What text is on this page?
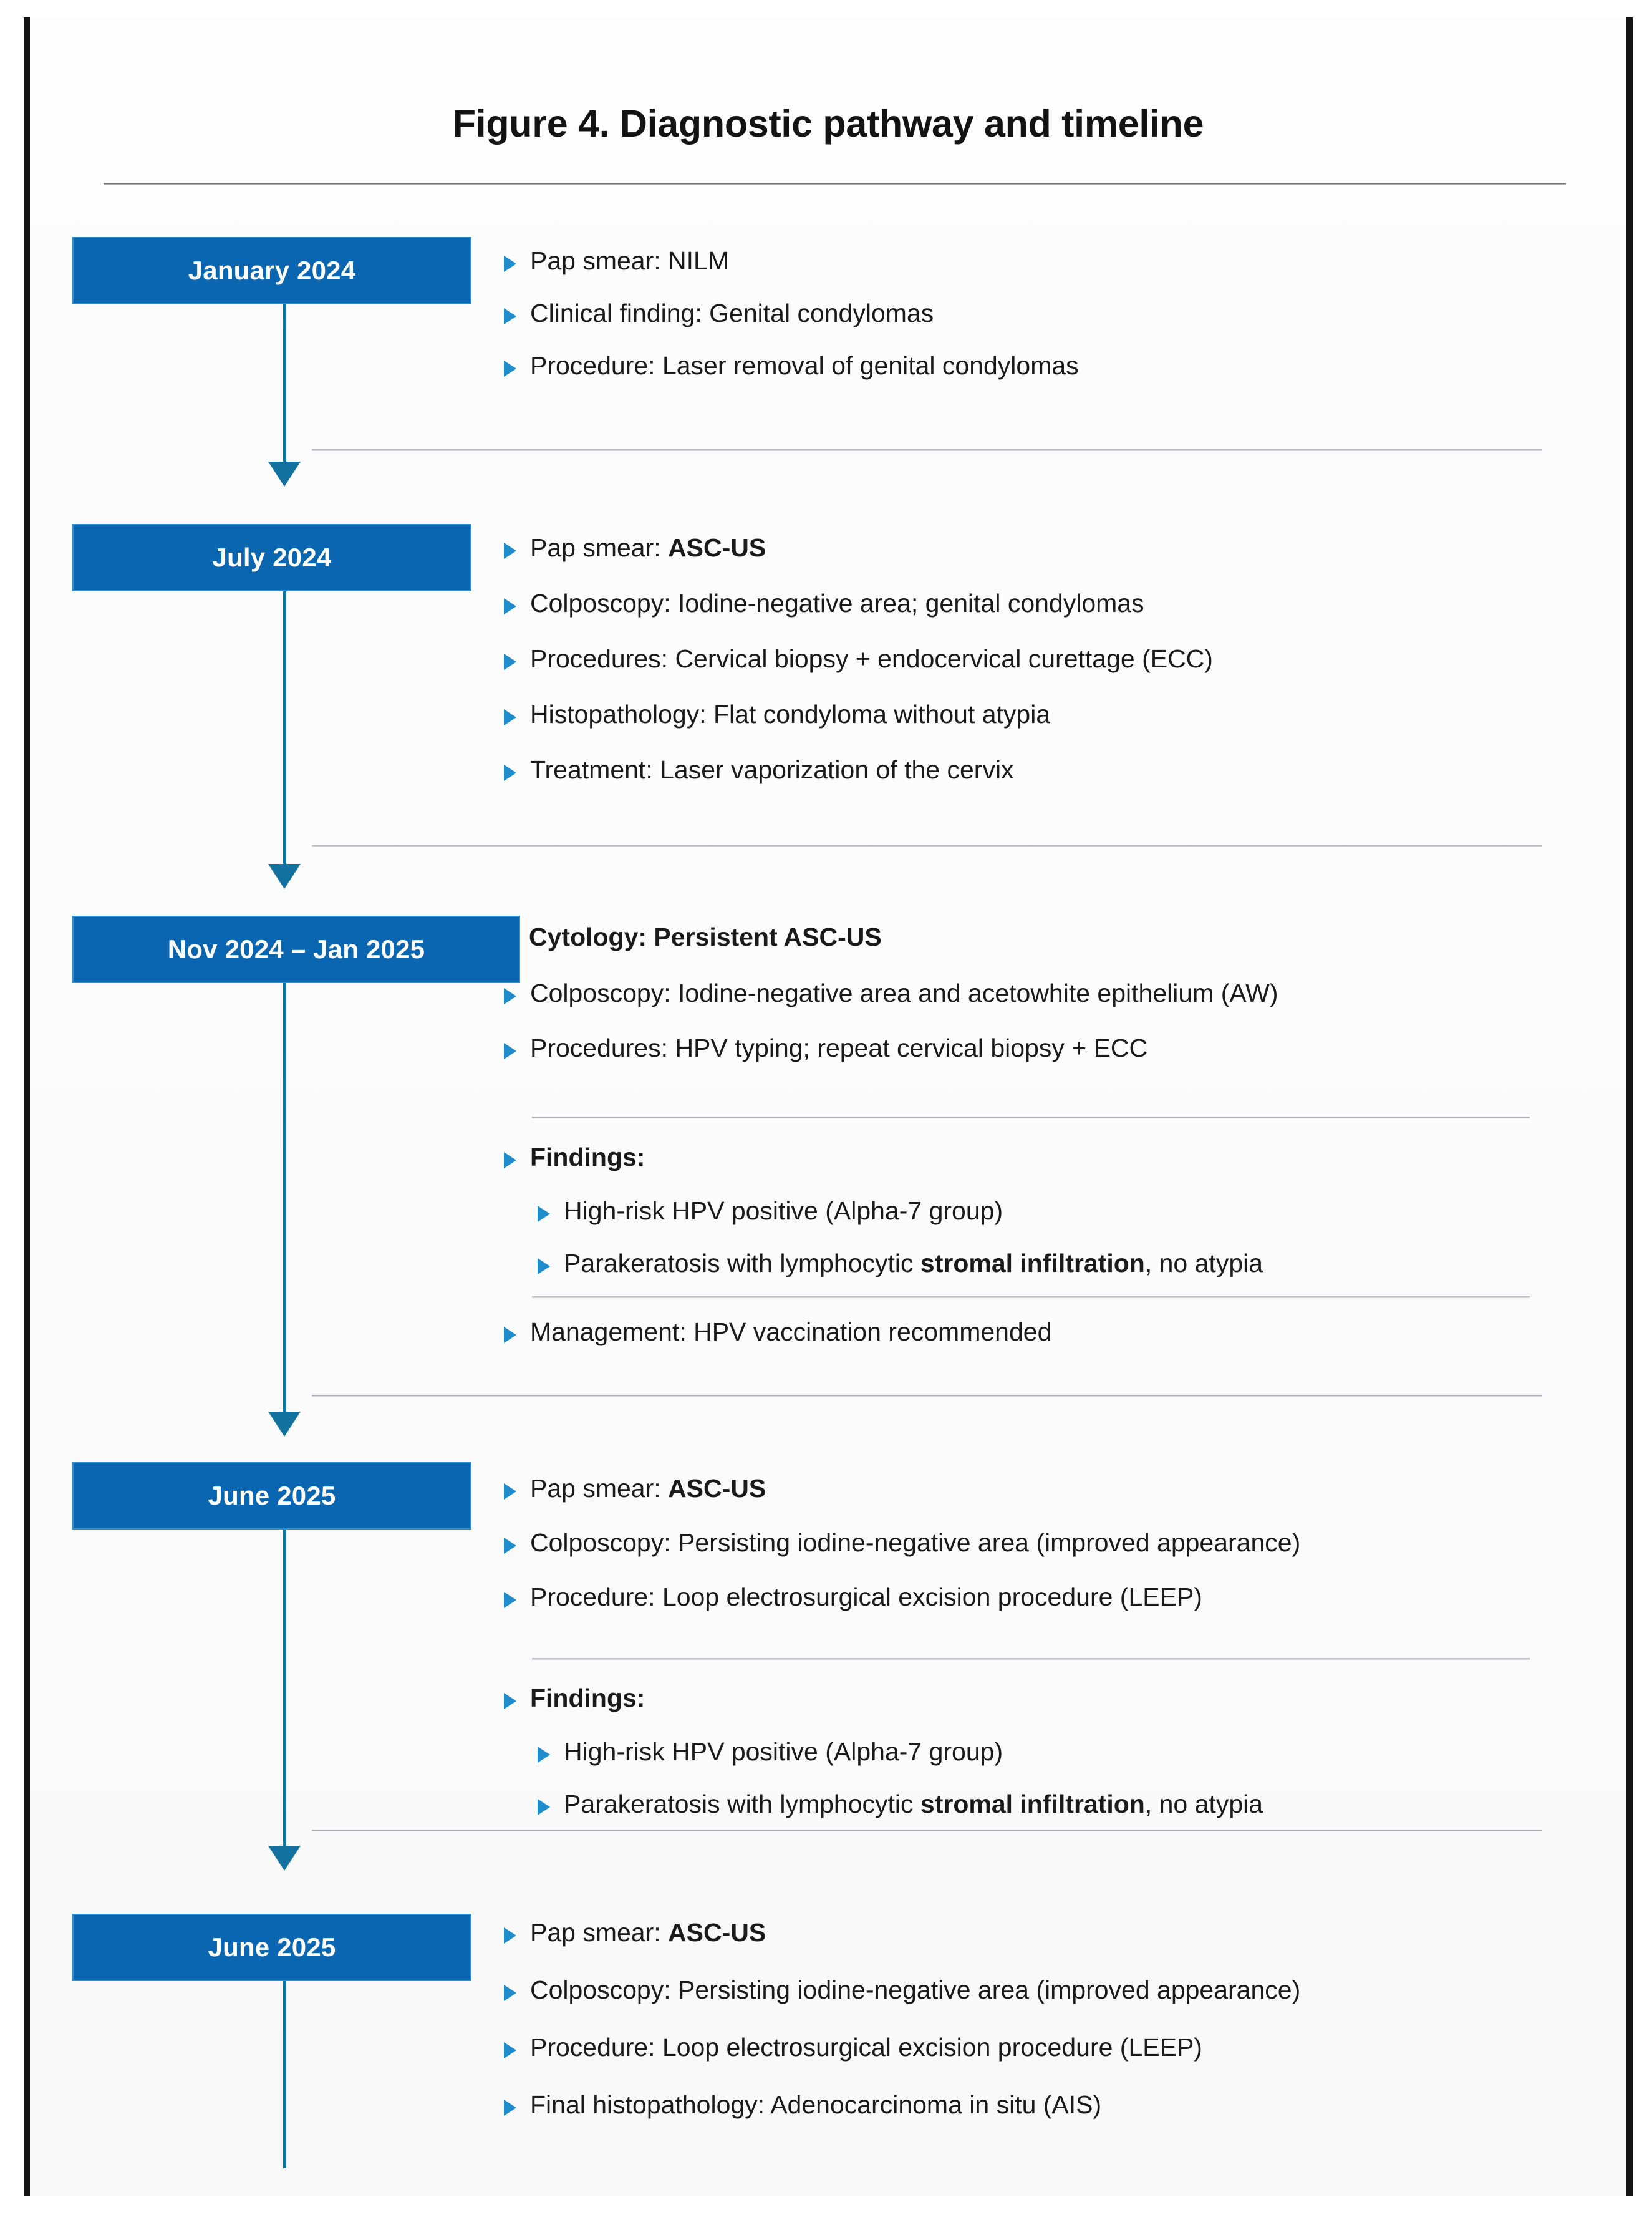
Figure 4. Diagnostic pathway and timeline
January 2024	Pap smear: NILM
Clinical finding: Genital condylomas
Procedure: Laser removal of genital condylomas
July 2024	Pap smear: ASC-US
Colposcopy: Iodine-negative area; genital condylomas
Procedures: Cervical biopsy + endocervical curettage (ECC)
Histopathology: Flat condyloma without atypia
Treatment: Laser vaporization of the cervix
Nov 2024 – Jan 2025	Cytology: Persistent ASC-US
Colposcopy: Iodine-negative area and acetowhite epithelium (AW)
Procedures: HPV typing; repeat cervical biopsy + ECC
Findings:
High-risk HPV positive (Alpha-7 group)
Parakeratosis with lymphocytic stromal infiltration, no atypia
Management: HPV vaccination recommended
June 2025	Pap smear: ASC-US
Colposcopy: Persisting iodine-negative area (improved appearance)
Procedure: Loop electrosurgical excision procedure (LEEP)
Findings:
High-risk HPV positive (Alpha-7 group)
Parakeratosis with lymphocytic stromal infiltration, no atypia
June 2025	Pap smear: ASC-US
Colposcopy: Persisting iodine-negative area (improved appearance)
Procedure: Loop electrosurgical excision procedure (LEEP)
Final histopathology: Adenocarcinoma in situ (AIS)
